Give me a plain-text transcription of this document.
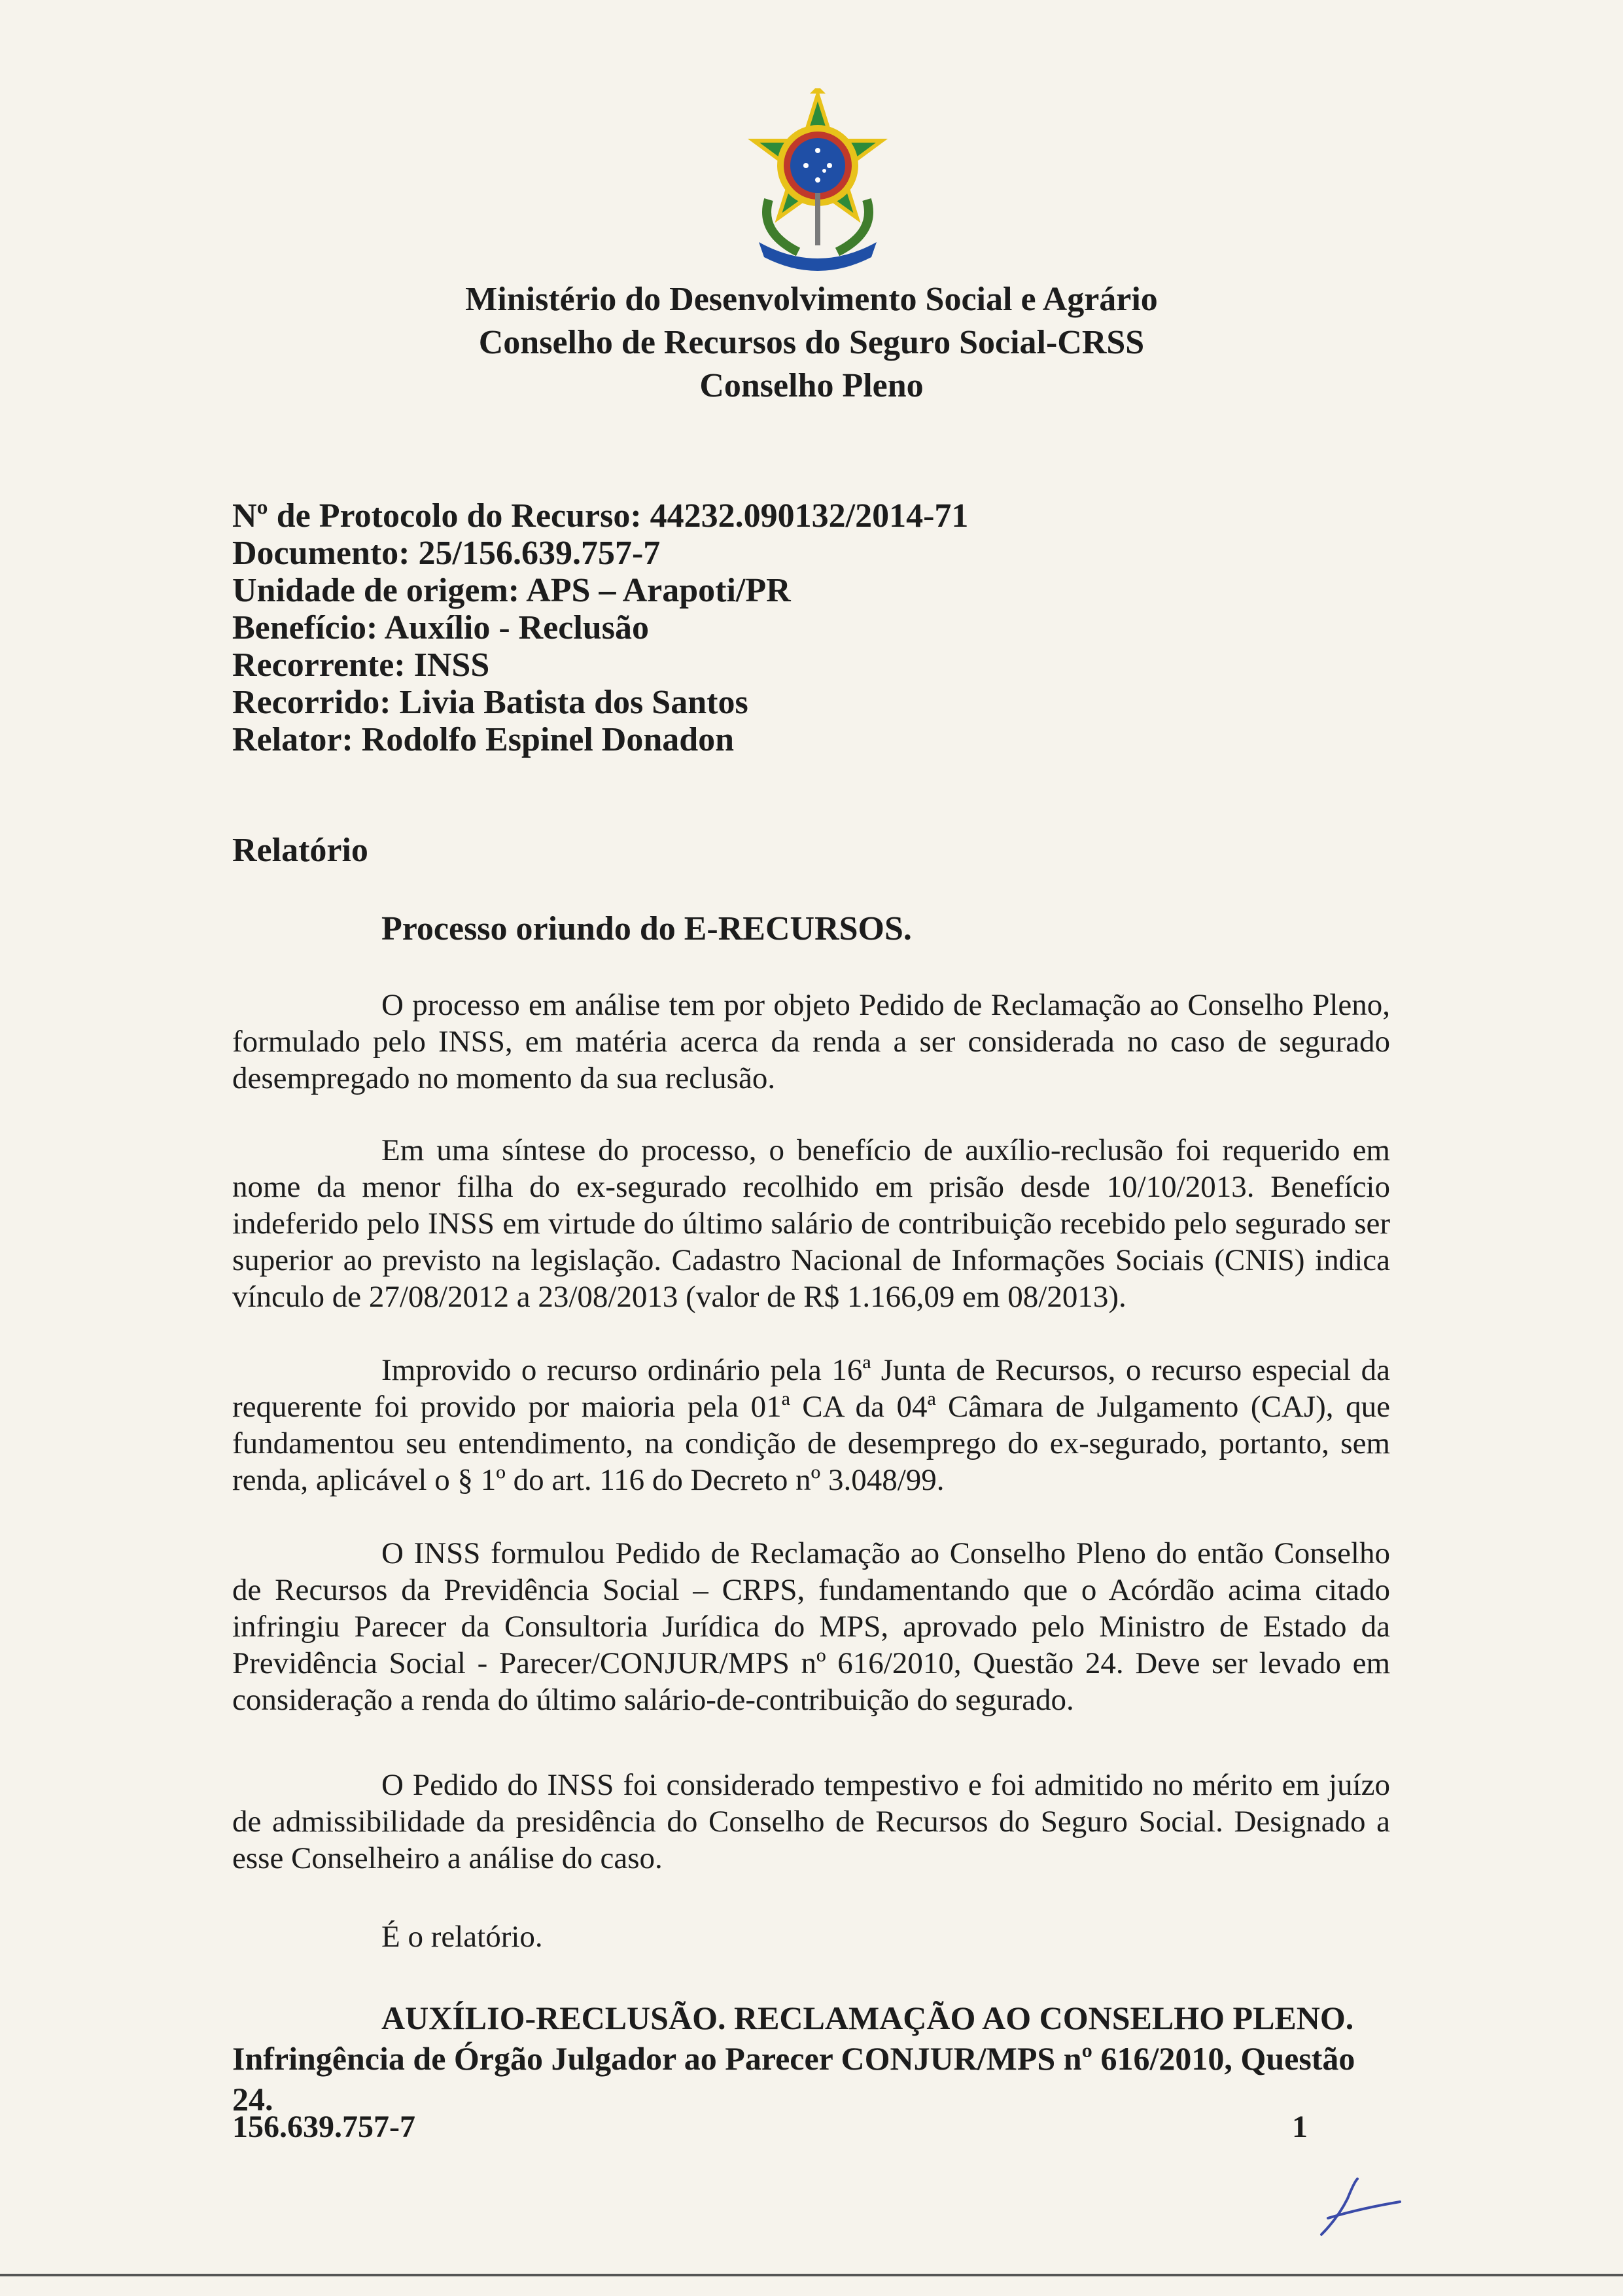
Ministério do Desenvolvimento Social e Agrário
Conselho de Recursos do Seguro Social-CRSS
Conselho Pleno
Nº de Protocolo do Recurso: 44232.090132/2014-71
Documento: 25/156.639.757-7
Unidade de origem: APS – Arapoti/PR
Benefício: Auxílio - Reclusão
Recorrente: INSS
Recorrido: Livia Batista dos Santos
Relator: Rodolfo Espinel Donadon
Relatório
Processo oriundo do E-RECURSOS.
O processo em análise tem por objeto Pedido de Reclamação ao Conselho Pleno, formulado pelo INSS, em matéria acerca da renda a ser considerada no caso de segurado desempregado no momento da sua reclusão.
Em uma síntese do processo, o benefício de auxílio-reclusão foi requerido em nome da menor filha do ex-segurado recolhido em prisão desde 10/10/2013. Benefício indeferido pelo INSS em virtude do último salário de contribuição recebido pelo segurado ser superior ao previsto na legislação. Cadastro Nacional de Informações Sociais (CNIS) indica vínculo de 27/08/2012 a 23/08/2013 (valor de R$ 1.166,09 em 08/2013).
Improvido o recurso ordinário pela 16ª Junta de Recursos, o recurso especial da requerente foi provido por maioria pela 01ª CA da 04ª Câmara de Julgamento (CAJ), que fundamentou seu entendimento, na condição de desemprego do ex-segurado, portanto, sem renda, aplicável o § 1º do art. 116 do Decreto nº 3.048/99.
O INSS formulou Pedido de Reclamação ao Conselho Pleno do então Conselho de Recursos da Previdência Social – CRPS, fundamentando que o Acórdão acima citado infringiu Parecer da Consultoria Jurídica do MPS, aprovado pelo Ministro de Estado da Previdência Social - Parecer/CONJUR/MPS nº 616/2010, Questão 24. Deve ser levado em consideração a renda do último salário-de-contribuição do segurado.
O Pedido do INSS foi considerado tempestivo e foi admitido no mérito em juízo de admissibilidade da presidência do Conselho de Recursos do Seguro Social. Designado a esse Conselheiro a análise do caso.
É o relatório.
AUXÍLIO-RECLUSÃO. RECLAMAÇÃO AO CONSELHO PLENO.
Infringência de Órgão Julgador ao Parecer CONJUR/MPS nº 616/2010, Questão 24.
156.639.757-7	1
